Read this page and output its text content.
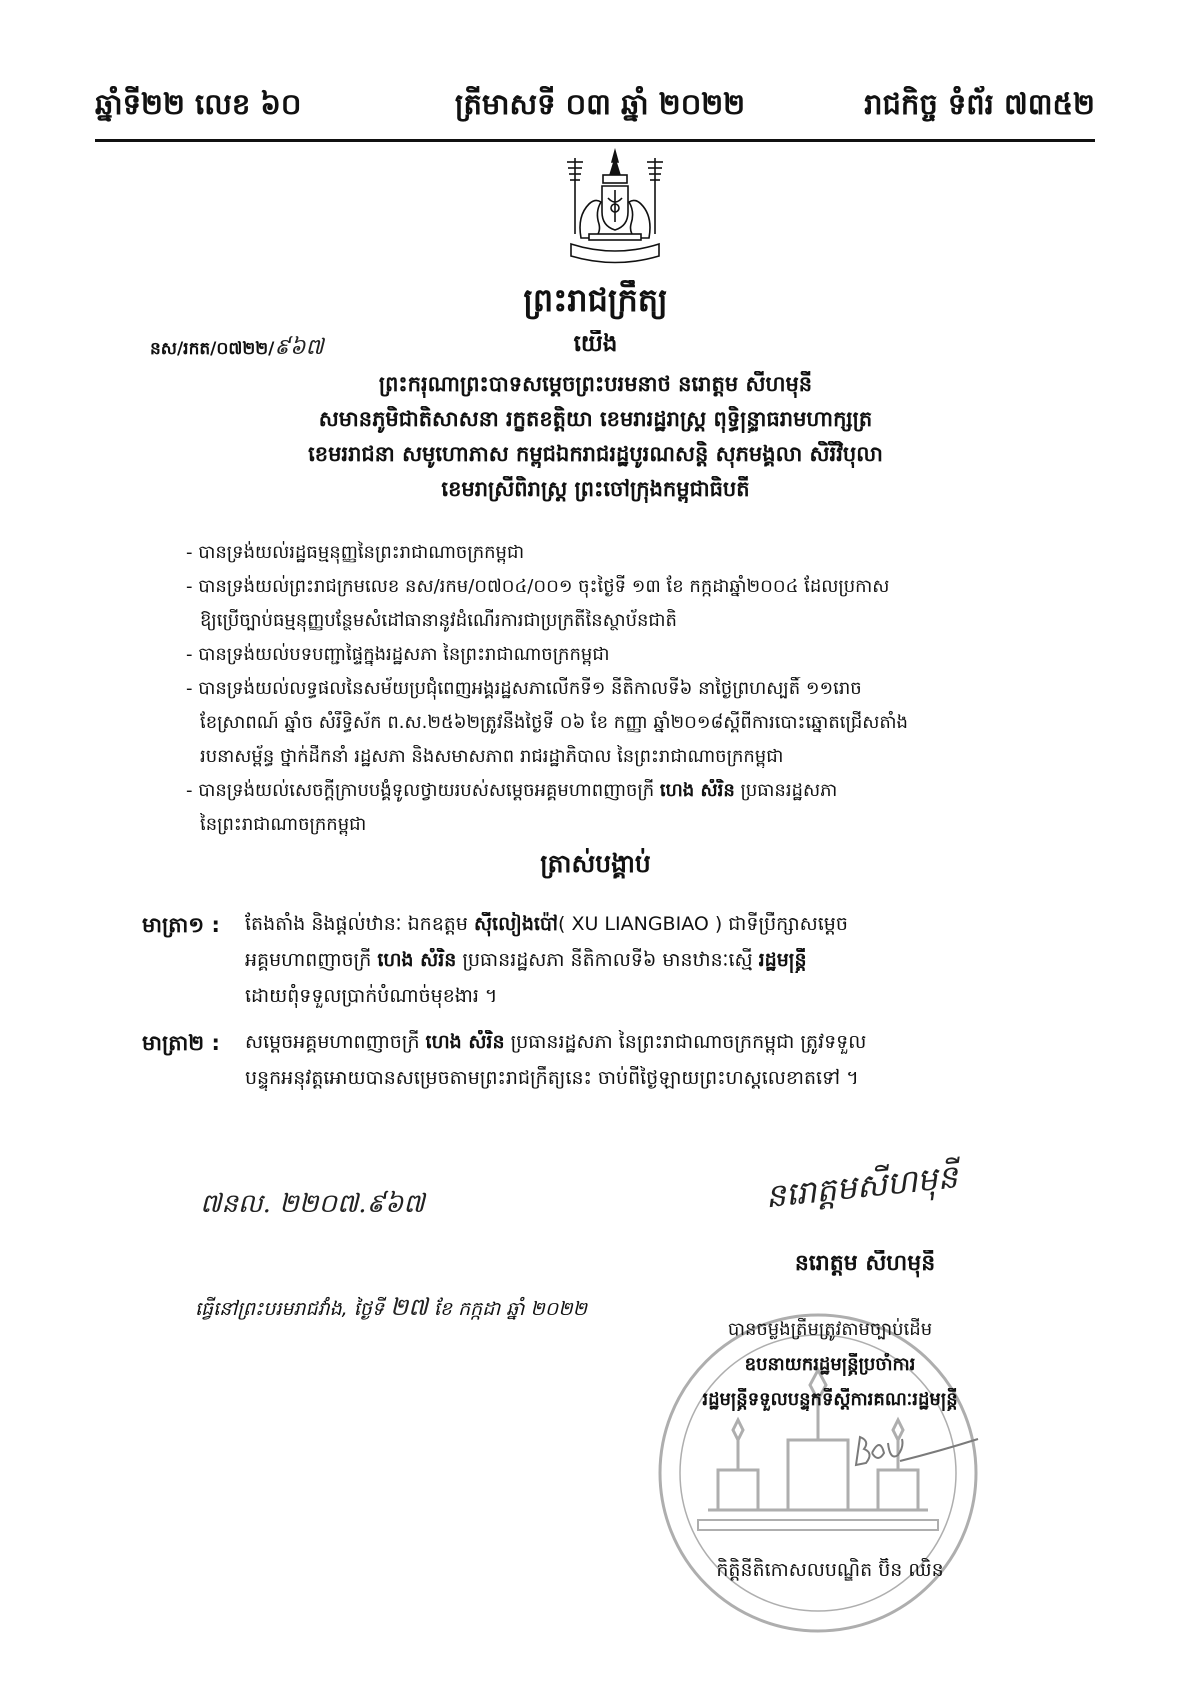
ឆ្នាំទី២២ លេខ ៦០	ត្រីមាសទី ០៣ ឆ្នាំ ២០២២	រាជកិច្ច ទំព័រ ៧៣៥២
ព្រះរាជក្រឹត្យ
នស/រកត/០៧២២/៩៦៧	យើង
ព្រះករុណាព្រះបាទសម្តេចព្រះបរមនាថ នរោត្តម សីហមុនី
សមានភូមិជាតិសាសនា រក្ខតខត្តិយា ខេមរារដ្ឋរាស្ត្រ ពុទ្ធិន្ទ្រាធរាមហាក្សត្រ
ខេមររាជនា សមូហោភាស កម្ពុជឯករាជរដ្ឋបូរណសន្តិ សុភមង្គលា សិរីវិបុលា
ខេមរាស្រីពិរាស្ត្រ ព្រះចៅក្រុងកម្ពុជាធិបតី
- បានទ្រង់យល់រដ្ឋធម្មនុញ្ញនៃព្រះរាជាណាចក្រកម្ពុជា
- បានទ្រង់យល់ព្រះរាជក្រមលេខ នស/រកម/០៧០៤/០០១ ចុះថ្ងៃទី ១៣ ខែ កក្កដាឆ្នាំ២០០៤ ដែលប្រកាស
ឱ្យប្រើច្បាប់ធម្មនុញ្ញបន្ថែមសំដៅធានានូវដំណើរការជាប្រក្រតីនៃស្ថាប័នជាតិ
- បានទ្រង់យល់បទបញ្ជាផ្ទៃក្នុងរដ្ឋសភា នៃព្រះរាជាណាចក្រកម្ពុជា
- បានទ្រង់យល់លទ្ធផលនៃសម័យប្រជុំពេញអង្គរដ្ឋសភាលើកទី១ នីតិកាលទី៦ នាថ្ងៃព្រហស្បតិ៍ ១១រោច
ខែស្រាពណ៍ ឆ្នាំច សំរឹទ្ធិស័ក ព.ស.២៥៦២ត្រូវនឹងថ្ងៃទី ០៦ ខែ កញ្ញា ឆ្នាំ២០១៨ស្តីពីការបោះឆ្នោតជ្រើសតាំង
របនាសម្ព័ន្ធ ថ្នាក់ដឹកនាំ រដ្ឋសភា និងសមាសភាព រាជរដ្ឋាភិបាល នៃព្រះរាជាណាចក្រកម្ពុជា
- បានទ្រង់យល់សេចក្តីក្រាបបង្គំទូលថ្វាយរបស់សម្តេចអគ្គមហាពញាចក្រី ហេង សំរិន ប្រធានរដ្ឋសភា
នៃព្រះរាជាណាចក្រកម្ពុជា
ត្រាស់បង្គាប់
មាត្រា១ :	តែងតាំង និងផ្តល់ឋានៈ ឯកឧត្តម ស៊ីលៀងប៉ៅ( XU LIANGBIAO ) ជាទីប្រឹក្សាសម្តេច
អគ្គមហាពញាចក្រី ហេង សំរិន ប្រធានរដ្ឋសភា នីតិកាលទី៦ មានឋានៈស្មើ រដ្ឋមន្ត្រី
ដោយពុំទទួលប្រាក់បំណាច់មុខងារ ។
មាត្រា២ :	សម្តេចអគ្គមហាពញាចក្រី ហេង សំរិន ប្រធានរដ្ឋសភា នៃព្រះរាជាណាចក្រកម្ពុជា ត្រូវទទួល
បន្ទុកអនុវត្តអោយបានសម្រេចតាមព្រះរាជក្រឹត្យនេះ ចាប់ពីថ្ងៃឡាយព្រះហស្តលេខាតទៅ ។
៧នល. ២២០៧.៩៦៧	នរោត្តមសីហមុនី
នរោត្តម សីហមុនី
ធ្វើនៅព្រះបរមរាជវាំង, ថ្ងៃទី ២៧ ខែ កក្កដា ឆ្នាំ ២០២២
បានចម្លងត្រឹមត្រូវតាមច្បាប់ដើម
ឧបនាយករដ្ឋមន្ត្រីប្រចាំការ
រដ្ឋមន្ត្រីទទួលបន្ទុកទីស្តីការគណៈរដ្ឋមន្ត្រី
កិត្តិនីតិកោសលបណ្ឌិត ប៊ិន ឈិន
